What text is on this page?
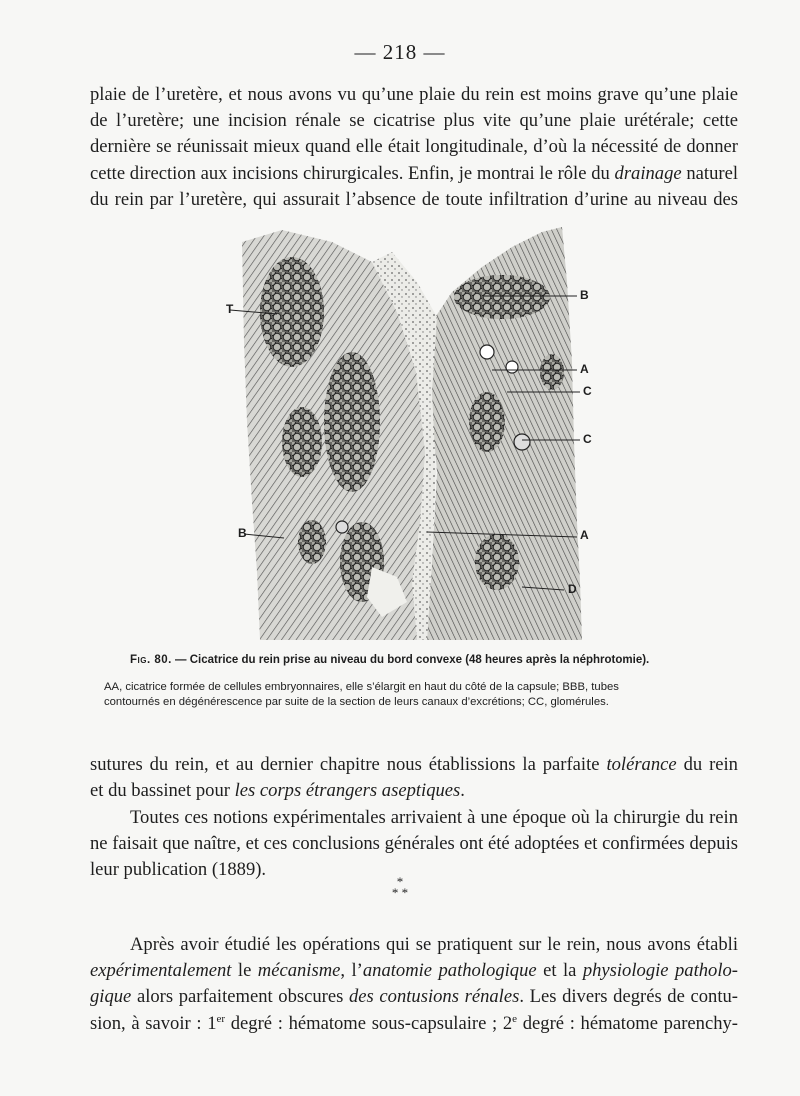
— 218 —

plaie de l’uretère, et nous avons vu qu’une plaie du rein est moins grave qu’une plaie
de l’uretère; une incision rénale se cicatrise plus vite qu’une plaie urétérale; cette
dernière se réunissait mieux quand elle était longitudinale, d’où la nécessité de donner
cette direction aux incisions chirurgicales. Enfin, je montrai le rôle du drainage naturel
du rein par l’uretère, qui assurait l’absence de toute infiltration d’urine au niveau des

T
B
A
C
C
B	A
D
Fig. 80. — Cicatrice du rein prise au niveau du bord convexe (48 heures après la néphrotomie).
AA, cicatrice formée de cellules embryonnaires, elle s’élargit en haut du côté de la capsule; BBB, tubes
contournés en dégénérescence par suite de la section de leurs canaux d’excrétions; CC, glomérules.

sutures du rein, et au dernier chapitre nous établissions la parfaite tolérance du rein
et du bassinet pour les corps étrangers aseptiques.

Toutes ces notions expérimentales arrivaient à une époque où la chirurgie du rein
ne faisait que naître, et ces conclusions générales ont été adoptées et confirmées depuis
leur publication (1889).

*
* *

Après avoir étudié les opérations qui se pratiquent sur le rein, nous avons établi
expérimentalement le mécanisme, l’anatomie pathologique et la physiologie patholo-
gique alors parfaitement obscures des contusions rénales. Les divers degrés de contu-
sion, à savoir : 1er degré : hématome sous-capsulaire ; 2e degré : hématome parenchy-
